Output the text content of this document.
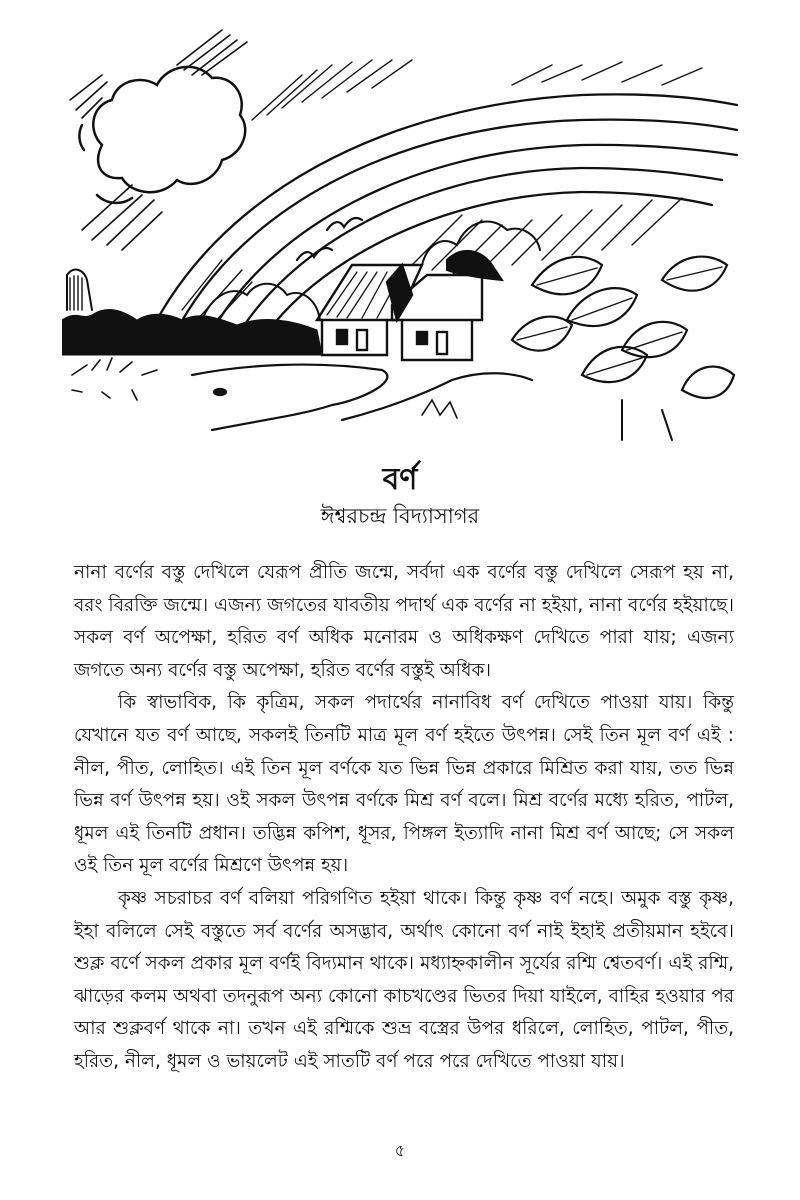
বর্ণ
ঈশ্বরচন্দ্র বিদ্যাসাগর

নানা বর্ণের বস্তু দেখিলে যেরূপ প্রীতি জন্মে, সর্বদা এক বর্ণের বস্তু দেখিলে সেরূপ হয় না, বরং বিরক্তি জন্মে। এজন্য জগতের যাবতীয় পদার্থ এক বর্ণের না হইয়া, নানা বর্ণের হইয়াছে। সকল বর্ণ অপেক্ষা, হরিত বর্ণ অধিক মনোরম ও অধিকক্ষণ দেখিতে পারা যায়; এজন্য জগতে অন্য বর্ণের বস্তু অপেক্ষা, হরিত বর্ণের বস্তুই অধিক।

কি স্বাভাবিক, কি কৃত্রিম, সকল পদার্থের নানাবিধ বর্ণ দেখিতে পাওয়া যায়। কিন্তু যেখানে যত বর্ণ আছে, সকলই তিনটি মাত্র মূল বর্ণ হইতে উৎপন্ন। সেই তিন মূল বর্ণ এই : নীল, পীত, লোহিত। এই তিন মূল বর্ণকে যত ভিন্ন ভিন্ন প্রকারে মিশ্রিত করা যায়, তত ভিন্ন ভিন্ন বর্ণ উৎপন্ন হয়। ওই সকল উৎপন্ন বর্ণকে মিশ্র বর্ণ বলে। মিশ্র বর্ণের মধ্যে হরিত, পাটল, ধূমল এই তিনটি প্রধান। তদ্ভিন্ন কপিশ, ধূসর, পিঙ্গল ইত্যাদি নানা মিশ্র বর্ণ আছে; সে সকল ওই তিন মূল বর্ণের মিশ্রণে উৎপন্ন হয়।

কৃষ্ণ সচরাচর বর্ণ বলিয়া পরিগণিত হইয়া থাকে। কিন্তু কৃষ্ণ বর্ণ নহে। অমুক বস্তু কৃষ্ণ, ইহা বলিলে সেই বস্তুতে সর্ব বর্ণের অসদ্ভাব, অর্থাৎ কোনো বর্ণ নাই ইহাই প্রতীয়মান হইবে। শুক্ল বর্ণে সকল প্রকার মূল বর্ণই বিদ্যমান থাকে। মধ্যাহ্নকালীন সূর্যের রশ্মি শ্বেতবর্ণ। এই রশ্মি, ঝাড়ের কলম অথবা তদনুরূপ অন্য কোনো কাচখণ্ডের ভিতর দিয়া যাইলে, বাহির হওয়ার পর আর শুক্লবর্ণ থাকে না। তখন এই রশ্মিকে শুভ্র বস্ত্রের উপর ধরিলে, লোহিত, পাটল, পীত, হরিত, নীল, ধূমল ও ভায়লেট এই সাতটি বর্ণ পরে পরে দেখিতে পাওয়া যায়।

৫
